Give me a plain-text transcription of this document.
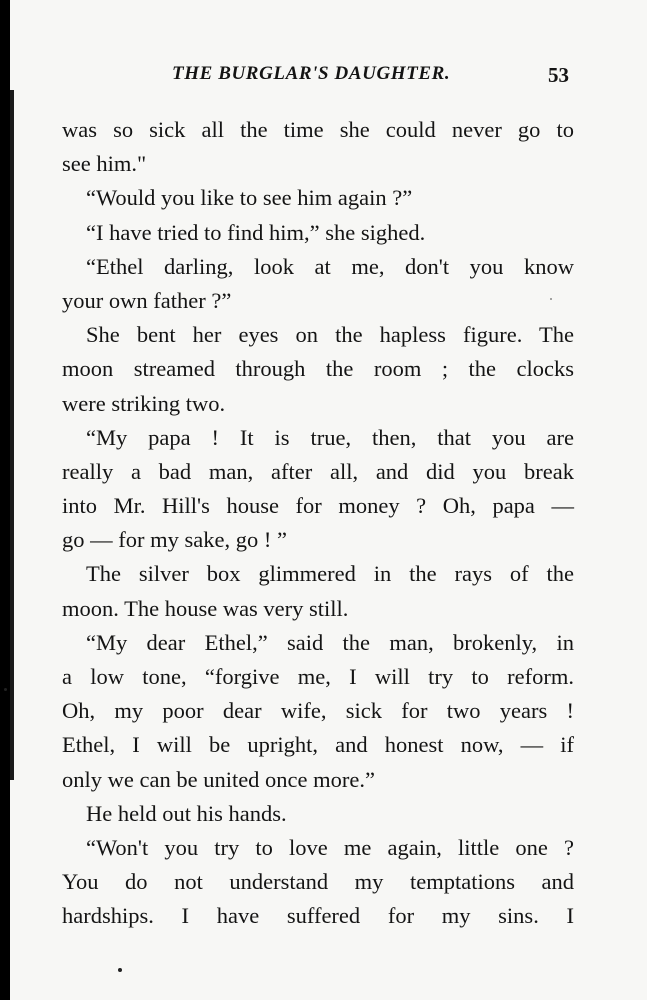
THE BURGLAR'S DAUGHTER.	53
was so sick all the time she could never go to
see him."
“Would you like to see him again ?”
“I have tried to find him,” she sighed.
“Ethel darling, look at me, don't you know
your own father ?”
She bent her eyes on the hapless figure. The
moon streamed through the room ; the clocks
were striking two.
“My papa ! It is true, then, that you are
really a bad man, after all, and did you break
into Mr. Hill's house for money ? Oh, papa —
go — for my sake, go ! ”
The silver box glimmered in the rays of the
moon. The house was very still.
“My dear Ethel,” said the man, brokenly, in
a low tone, “forgive me, I will try to reform.
Oh, my poor dear wife, sick for two years !
Ethel, I will be upright, and honest now, — if
only we can be united once more.”
He held out his hands.
“Won't you try to love me again, little one ?
You do not understand my temptations and
hardships. I have suffered for my sins. I
